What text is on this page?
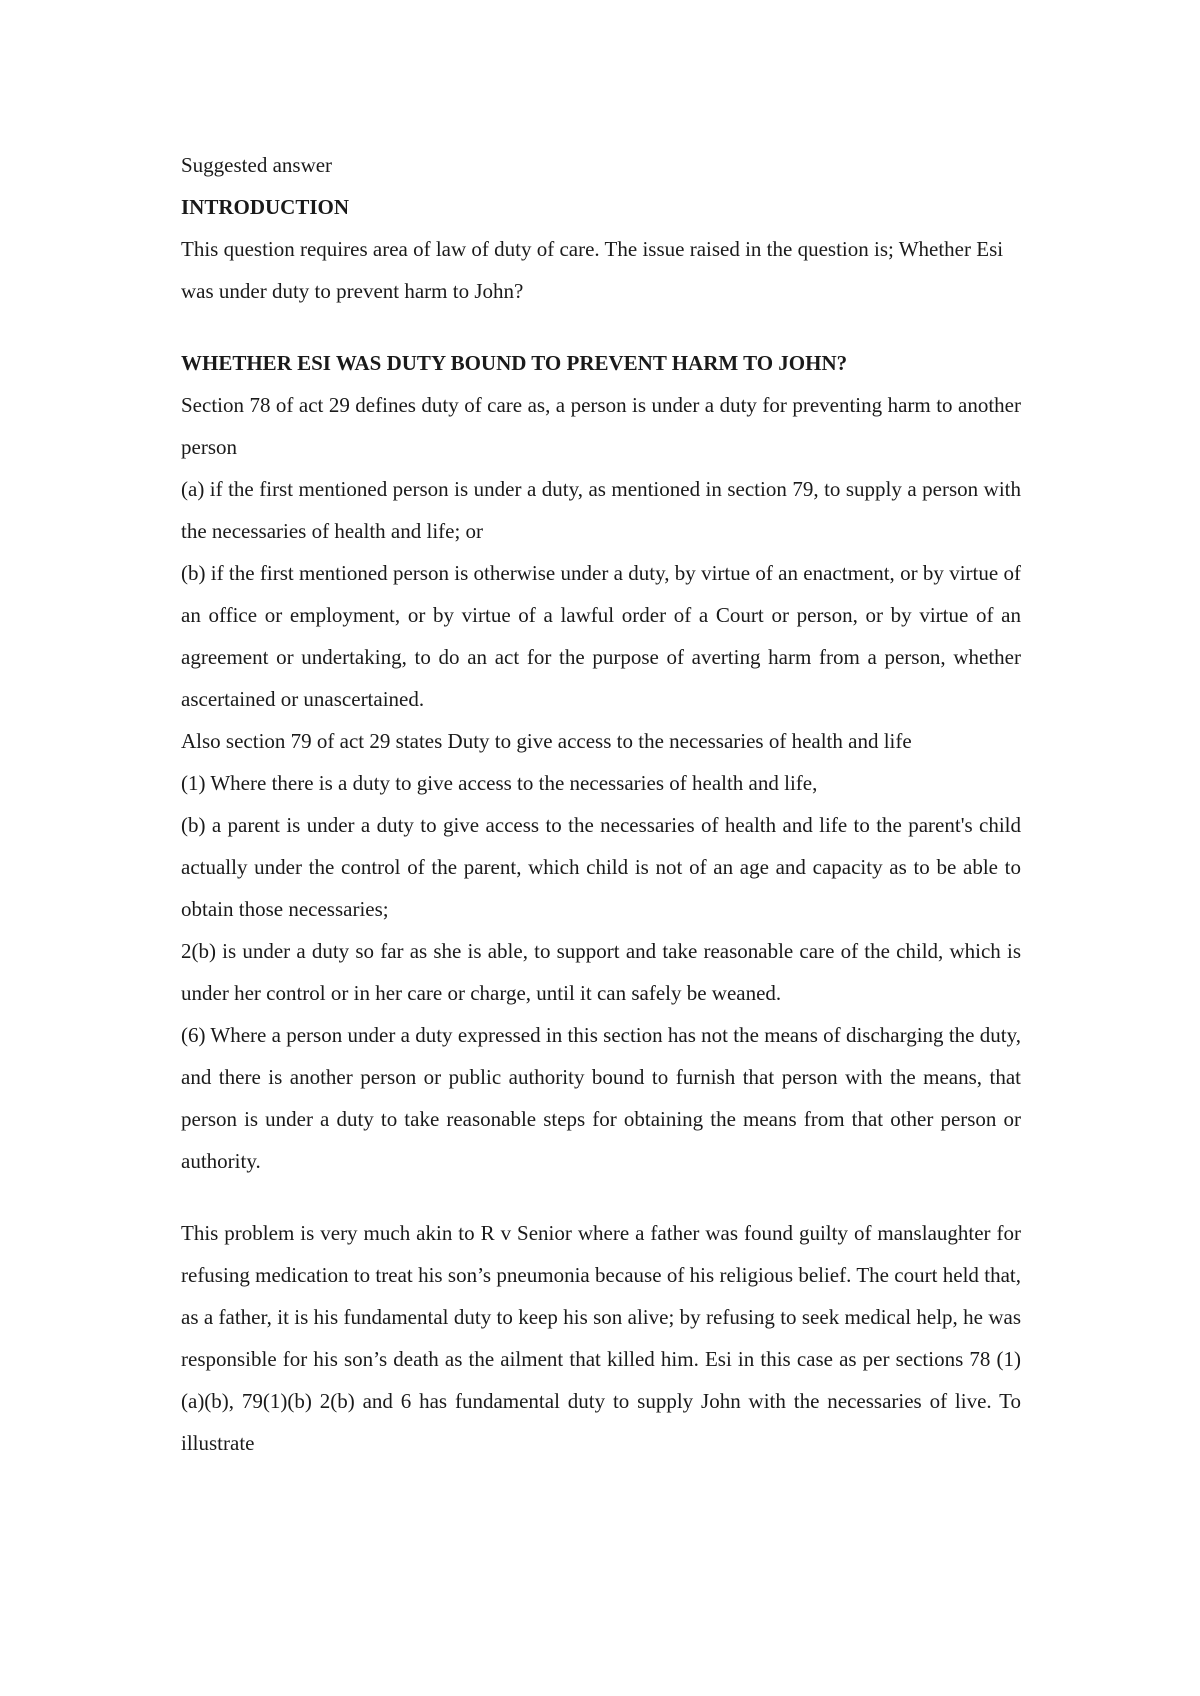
Suggested answer

INTRODUCTION

This question requires area of law of duty of care. The issue raised in the question is; Whether Esi was under duty to prevent harm to John?

WHETHER ESI WAS DUTY BOUND TO PREVENT HARM TO JOHN?

Section 78 of act 29 defines duty of care as, a person is under a duty for preventing harm to another person

(a) if the first mentioned person is under a duty, as mentioned in section 79, to supply a person with the necessaries of health and life; or

(b) if the first mentioned person is otherwise under a duty, by virtue of an enactment, or by virtue of an office or employment, or by virtue of a lawful order of a Court or person, or by virtue of an agreement or undertaking, to do an act for the purpose of averting harm from a person, whether ascertained or unascertained.

Also section 79 of act 29 states Duty to give access to the necessaries of health and life

(1) Where there is a duty to give access to the necessaries of health and life,

(b) a parent is under a duty to give access to the necessaries of health and life to the parent's child actually under the control of the parent, which child is not of an age and capacity as to be able to obtain those necessaries;

2(b) is under a duty so far as she is able, to support and take reasonable care of the child, which is under her control or in her care or charge, until it can safely be weaned.

(6) Where a person under a duty expressed in this section has not the means of discharging the duty, and there is another person or public authority bound to furnish that person with the means, that person is under a duty to take reasonable steps for obtaining the means from that other person or authority.

This problem is very much akin to R v Senior where a father was found guilty of manslaughter for refusing medication to treat his son’s pneumonia because of his religious belief. The court held that, as a father, it is his fundamental duty to keep his son alive; by refusing to seek medical help, he was responsible for his son’s death as the ailment that killed him. Esi in this case as per sections 78 (1)(a)(b), 79(1)(b) 2(b) and 6 has fundamental duty to supply John with the necessaries of live. To illustrate
